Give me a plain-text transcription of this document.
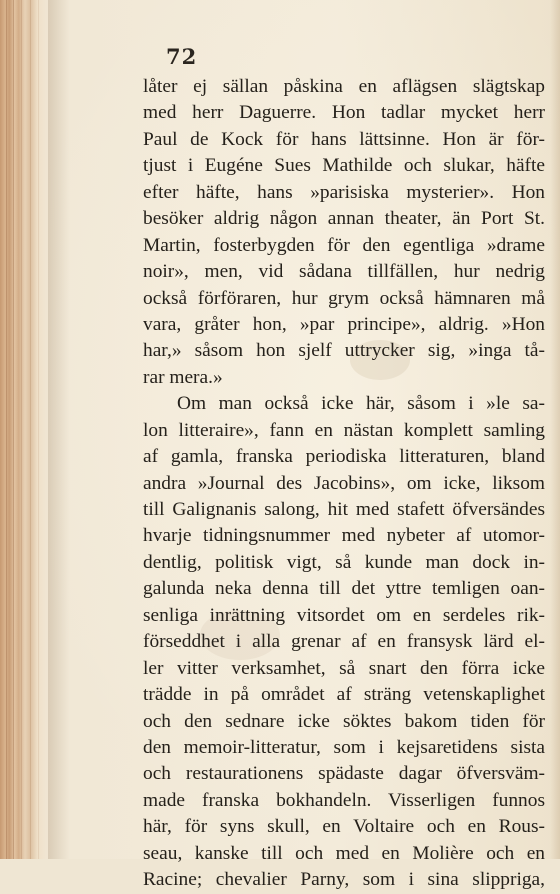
72
låter ej sällan påskina en aflägsen slägtskap
med herr Daguerre. Hon tadlar mycket herr
Paul de Kock för hans lättsinne. Hon är för-
tjust i Eugéne Sues Mathilde och slukar, häfte
efter häfte, hans »parisiska mysterier». Hon
besöker aldrig någon annan theater, än Port St.
Martin, fosterbygden för den egentliga »drame
noir», men, vid sådana tillfällen, hur nedrig
också förföraren, hur grym också hämnaren må
vara, gråter hon, »par principe», aldrig. »Hon
har,» såsom hon sjelf uttrycker sig, »inga tå-
rar mera.»
Om man också icke här, såsom i »le sa-
lon litteraire», fann en nästan komplett samling
af gamla, franska periodiska litteraturen, bland
andra »Journal des Jacobins», om icke, liksom
till Galignanis salong, hit med stafett öfversändes
hvarje tidningsnummer med nybeter af utomor-
dentlig, politisk vigt, så kunde man dock in-
galunda neka denna till det yttre temligen oan-
senliga inrättning vitsordet om en serdeles rik-
förseddhet i alla grenar af en fransysk lärd el-
ler vitter verksamhet, så snart den förra icke
trädde in på området af sträng vetenskaplighet
och den sednare icke söktes bakom tiden för
den memoir-litteratur, som i kejsaretidens sista
och restaurationens spädaste dagar öfversväm-
made franska bokhandeln. Visserligen funnos
här, för syns skull, en Voltaire och en Rous-
seau, kanske till och med en Molière och en
Racine; chevalier Parny, som i sina slippriga,
